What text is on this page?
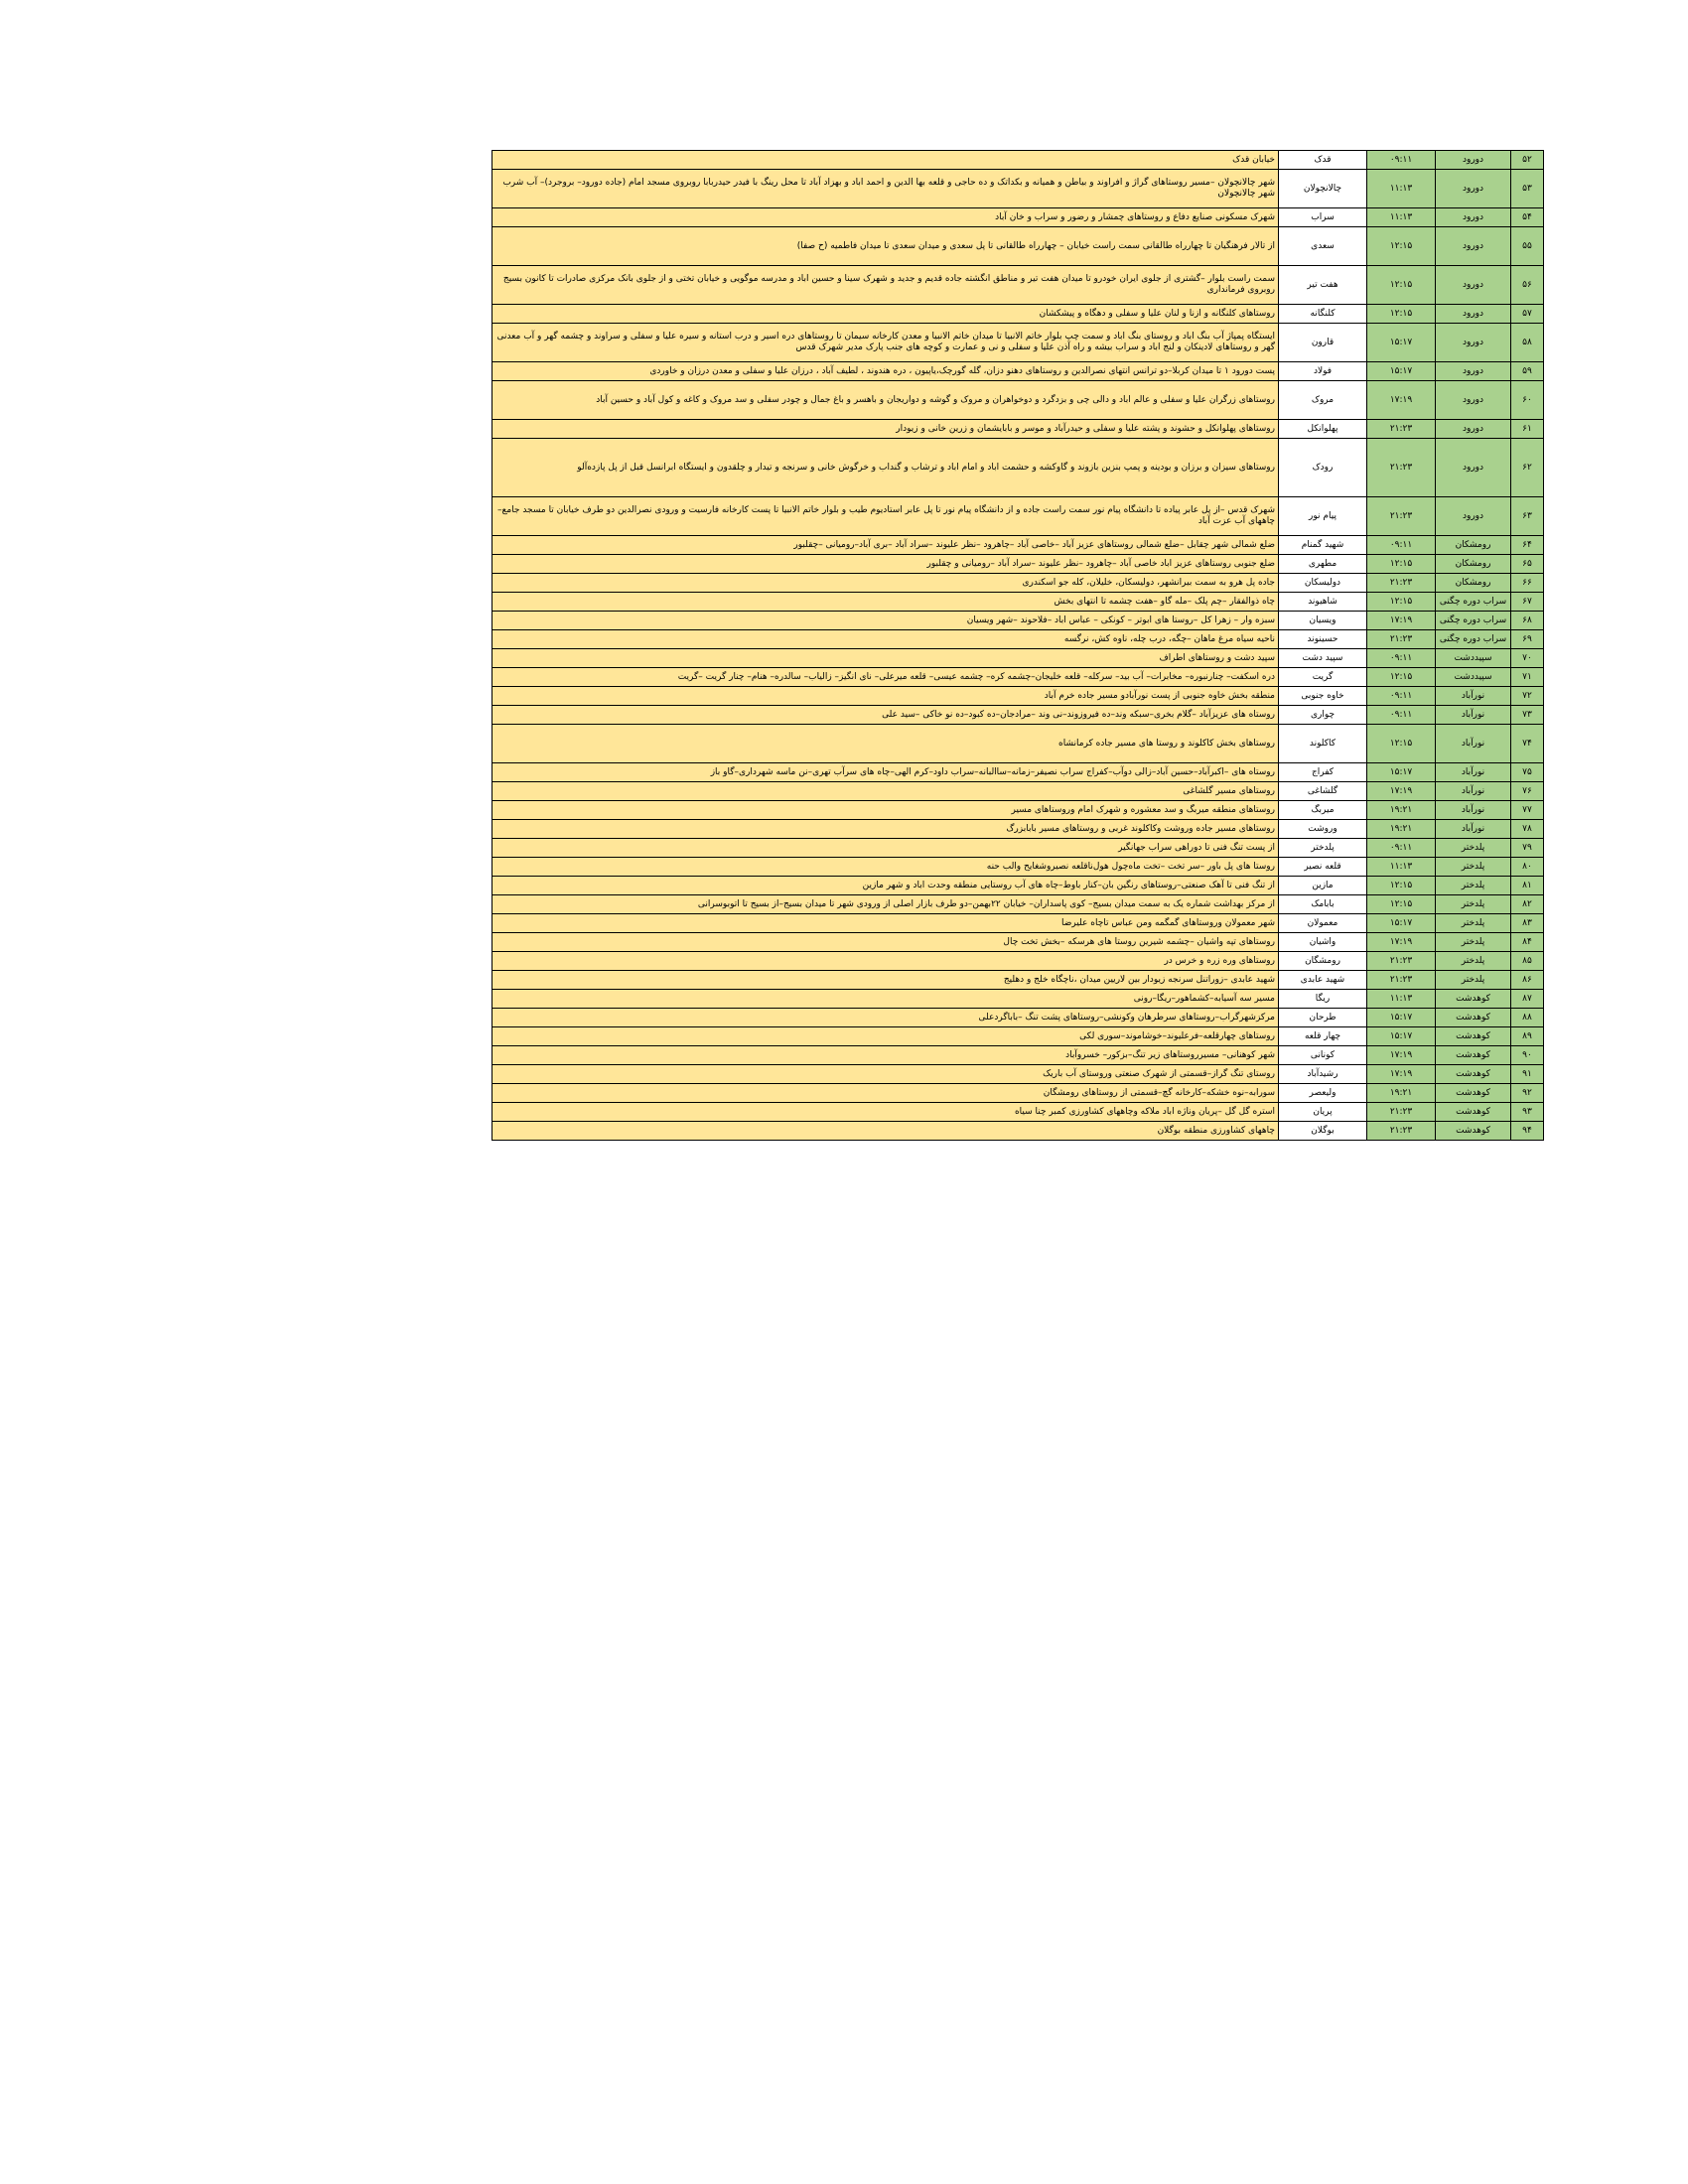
۵۲	دورود	۰۹:۱۱	قدک	خیابان قدک
۵۳	دورود	۱۱:۱۳	چالانچولان	شهر چالانچولان –مسیر روستاهای گراژ و افراوند و بیاطن و همیانه و بکداتک و ده حاجی و قلعه بها الدین و احمد اباد و بهزاد آباد تا محل رینگ با فیدر حیدربابا روبروی مسجد امام (جاده دورود– بروجرد)– آب شرب شهر چالانچولان
۵۴	دورود	۱۱:۱۳	سراب	شهرک مسکونی صنایع دفاع و روستاهای چمشار و رضور و سراب و خان آباد
۵۵	دورود	۱۲:۱۵	سعدی	از تالار فرهنگیان تا چهارراه طالقانی سمت راست خیابان – چهارراه طالقانی تا پل سعدی و میدان سعدی تا میدان فاطمیه (ح صفا)
۵۶	دورود	۱۲:۱۵	هفت تیر	سمت راست بلوار –گشتری از جلوی ایران خودرو تا میدان هفت تیر و مناطق انگشته جاده قدیم و جدید و شهرک سینا و حسین اباد و مدرسه موگویی و خیابان تختی و از جلوی بانک مرکزی صادرات تا کانون بسیج روبروی فرمانداری
۵۷	دورود	۱۲:۱۵	کلنگانه	روستاهای کلنگانه و ازنا و لنان علیا و سفلی و دهگاه و پیشکشان
۵۸	دورود	۱۵:۱۷	قارون	ایستگاه پمپاژ آب بنگ اباد و روستای بنگ اباد و سمت چپ بلوار خاتم الانبیا تا میدان خاتم الانبیا و معدن کارخانه سیمان تا روستاهای دره اسیر و درب استانه و سیره علیا و سفلی و سراوند و چشمه گهر و آب معدنی گهر و روستاهای لادینکان و لنج اباد و سراب بیشه و راه آذن علیا و سفلی و نی و عمارت و کوچه های جنب پارک مدیر شهرک قدس
۵۹	دورود	۱۵:۱۷	فولاد	پست دورود ۱ تا میدان کربلا–دو ترانس انتهای نصرالدین و روستاهای دهنو دزان، گله گورچک،یاپیون ، دره هندوند ، لطیف آباد ، درزان علیا و سفلی و معدن درزان و خاوردی
۶۰	دورود	۱۷:۱۹	مروک	روستاهای زرگران علیا و سفلی و عالم اباد و دالی چی و بزدگرد و دوخواهران و مروک و گوشه و دواریجان و باهسر و باغ جمال و چودر سفلی و سد مروک و کاغه و کول آباد و حسین آباد
۶۱	دورود	۲۱:۲۳	پهلوانکل	روستاهای پهلوانکل و حشوند و پشته علیا و سفلی و حیدرآباد و موسر و بابایشمان و زرین خانی و زیودار
۶۲	دورود	۲۱:۲۳	رودک	روستاهای سیزان و برزان و بودینه و پمپ بنزین بازوند و گاوکشه و حشمت اباد و امام اباد و ترشاب و گنداب و خرگوش خانی و سرنجه و تیدار و چلقدون و ایستگاه ابرانسل قبل از پل پازده‌آلو
۶۳	دورود	۲۱:۲۳	پیام نور	شهرک قدس –از پل عابر پیاده تا دانشگاه پیام نور سمت راست جاده و از دانشگاه پیام نور تا پل عابر استادیوم طیب و بلوار خاتم الانبیا تا پست کارخانه فارسیت و ورودی نصرالدین دو طرف خیابان تا مسجد جامع– چاههای آب عزت آباد
۶۴	رومشکان	۰۹:۱۱	شهید گمنام	ضلع شمالی شهر چقابل –ضلع شمالی روستاهای عزیز آباد –خاصی آباد –چاهرود –نظر علیوند –سراد آباد –بری آباد–رومیانی –چقلبور
۶۵	رومشکان	۱۲:۱۵	مطهری	ضلع جنوبی روستاهای عزیز اباد خاصی آباد –چاهرود –نظر علیوند –سراد آباد –رومیانی و چقلبور
۶۶	رومشکان	۲۱:۲۳	دولیسکان	جاده پل هرو به سمت بیرانشهر، دولیسکان، خلیلان، کله جو اسکندری
۶۷	سراب دوره چگنی	۱۲:۱۵	شاهیوند	چاه ذوالفقار –چم پلک –مله گاو –هفت چشمه تا انتهای بخش
۶۸	سراب دوره چگنی	۱۷:۱۹	ویسیان	سبزه وار – زهرا کل –روستا های ابوتر – کونکی – عباس اباد –فلاحوند –شهر ویسیان
۶۹	سراب دوره چگنی	۲۱:۲۳	حسینوند	ناحیه سیاه مرغ ماهان –چگه، درب چله، ناوه کش، نرگسه
۷۰	سپیددشت	۰۹:۱۱	سپید دشت	سپید دشت و روستاهای اطراف
۷۱	سپیددشت	۱۲:۱۵	گریت	دره اسکفت– چنارنبوره– مخابرات– آب بید– سرکله– قلعه خلیجان–چشمه کره– چشمه عیسی– قلعه میرعلی– نای انگیز– زالیاب– سالدره– هنام– چنار گریت –گریت
۷۲	نورآباد	۰۹:۱۱	خاوه جنوبی	منطقه بخش خاوه جنوبی از پست نورآبادو مسیر جاده خرم آباد
۷۳	نورآباد	۰۹:۱۱	چواری	روستاه های عزیزآباد –گلام بخری–سبکه وند–ده فیروزوند–نی وند –مرادجان–ده کبود–ده نو خاکی –سید علی
۷۴	نورآباد	۱۲:۱۵	کاکلوند	روستاهای بخش کاکلوند و روستا های مسیر جاده کرمانشاه
۷۵	نورآباد	۱۵:۱۷	کفراج	روستاه های –اکبرآباد–حسین آباد–زالی دوآب–کفراج سراب نصیفر–زمانه–ساالبانه–سراب داود–کرم الهی–چاه های سرآب تهری–نن ماسه شهرداری–گاو باز
۷۶	نورآباد	۱۷:۱۹	گلشاغی	روستاهای مسیر گلشاغی
۷۷	نورآباد	۱۹:۲۱	میربگ	روستاهای منطقه میربگ و سد معشوره و شهرک امام وروستاهای مسیر
۷۸	نورآباد	۱۹:۲۱	وروشت	روستاهای مسیر جاده وروشت وکاکلوند غربی و روستاهای مسیر بابابزرگ
۷۹	پلدختر	۰۹:۱۱	پلدختر	از پست تنگ فنی تا دوراهی سراب جهانگیر
۸۰	پلدختر	۱۱:۱۳	قلعه نصیر	روستا های پل باور –سر تخت –تخت ماه‌چول هول‌ناقلعه نصیروشغایح والب حنه
۸۱	پلدختر	۱۲:۱۵	مازین	از تنگ فنی تا آهک صنعتی–روستاهای رنگین بان–کنار باوط–چاه های آب روستایی منطقه وحدت اباد و شهر مازین
۸۲	پلدختر	۱۲:۱۵	بابامک	از مرکز بهداشت شماره یک به سمت میدان بسیج– کوی پاسداران– خیابان ۲۲بهمن–دو طرف بازار اصلی از ورودی شهر تا میدان بسیج–از بسیج تا اتوبوسرانی
۸۳	پلدختر	۱۵:۱۷	معمولان	شهر معمولان وروستاهای گمگمه ومن عباس تاچاه علیرضا
۸۴	پلدختر	۱۷:۱۹	واشیان	روستاهای تپه واشیان –چشمه شیرین روستا های هرسکه –بخش تخت چال
۸۵	پلدختر	۲۱:۲۳	رومشگان	روستاهای وره زره و خرس در
۸۶	پلدختر	۲۱:۲۳	شهید عابدی	شهید عابدی –زوراتنل سرنجه زیودار بین لاریین میدان ،ناچگاه خلج و دهلیج
۸۷	کوهدشت	۱۱:۱۳	ریگا	مسیر سه آسیابه–کشماهور–ریگا–رونی
۸۸	کوهدشت	۱۵:۱۷	طرحان	مرکزشهرگراب–روستاهای سرطرهان وکونشی–روستاهای پشت تنگ –باباگردعلی
۸۹	کوهدشت	۱۵:۱۷	چهار قلعه	روستاهای چهارقلعه–فرعلیوند–خوشاموند–سوری لکی
۹۰	کوهدشت	۱۷:۱۹	کونانی	شهر کوهنانی– مسیرروستاهای زیر تنگ–بزکور– خسروآباد
۹۱	کوهدشت	۱۷:۱۹	رشیدآباد	روستای تنگ گراز–قسمتی از شهرک صنعتی وروستای آب باریک
۹۲	کوهدشت	۱۹:۲۱	ولیعصر	سورابه–نوه خشکه–کارخانه گچ–قسمتی از روستاهای رومشگان
۹۳	کوهدشت	۲۱:۲۳	پریان	استره گل گل –پریان وناژه اباد ملاکه وچاههای کشاورزی کمبر چنا سیاه
۹۴	کوهدشت	۲۱:۲۳	بوگلان	چاههای کشاورزی منطقه بوگلان
